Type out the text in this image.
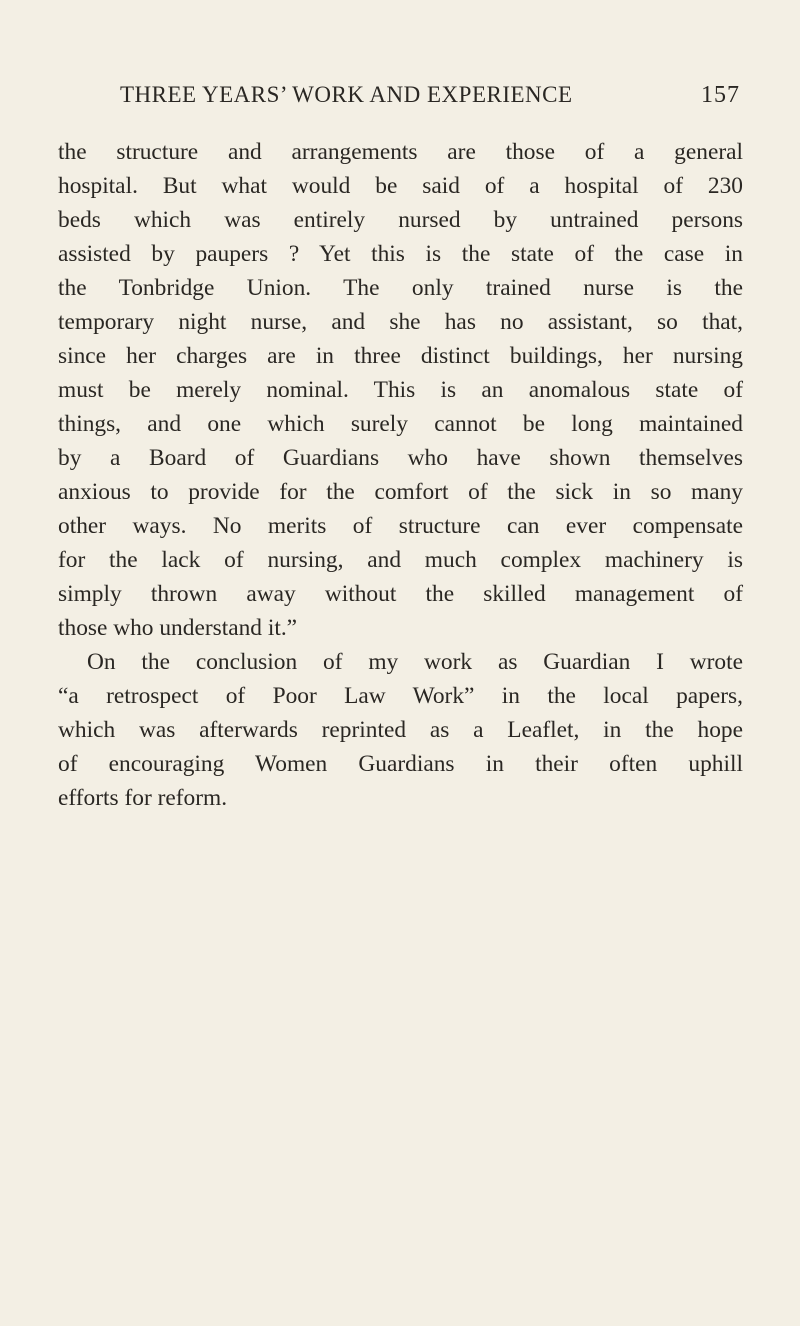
THREE YEARS’ WORK AND EXPERIENCE	157
the structure and arrangements are those of a general
hospital. But what would be said of a hospital of 230
beds which was entirely nursed by untrained persons
assisted by paupers ? Yet this is the state of the case in
the Tonbridge Union. The only trained nurse is the
temporary night nurse, and she has no assistant, so that,
since her charges are in three distinct buildings, her nursing
must be merely nominal. This is an anomalous state of
things, and one which surely cannot be long maintained
by a Board of Guardians who have shown themselves
anxious to provide for the comfort of the sick in so many
other ways. No merits of structure can ever compensate
for the lack of nursing, and much complex machinery is
simply thrown away without the skilled management of
those who understand it.”
On the conclusion of my work as Guardian I wrote
“a retrospect of Poor Law Work” in the local papers,
which was afterwards reprinted as a Leaflet, in the hope
of encouraging Women Guardians in their often uphill
efforts for reform.
